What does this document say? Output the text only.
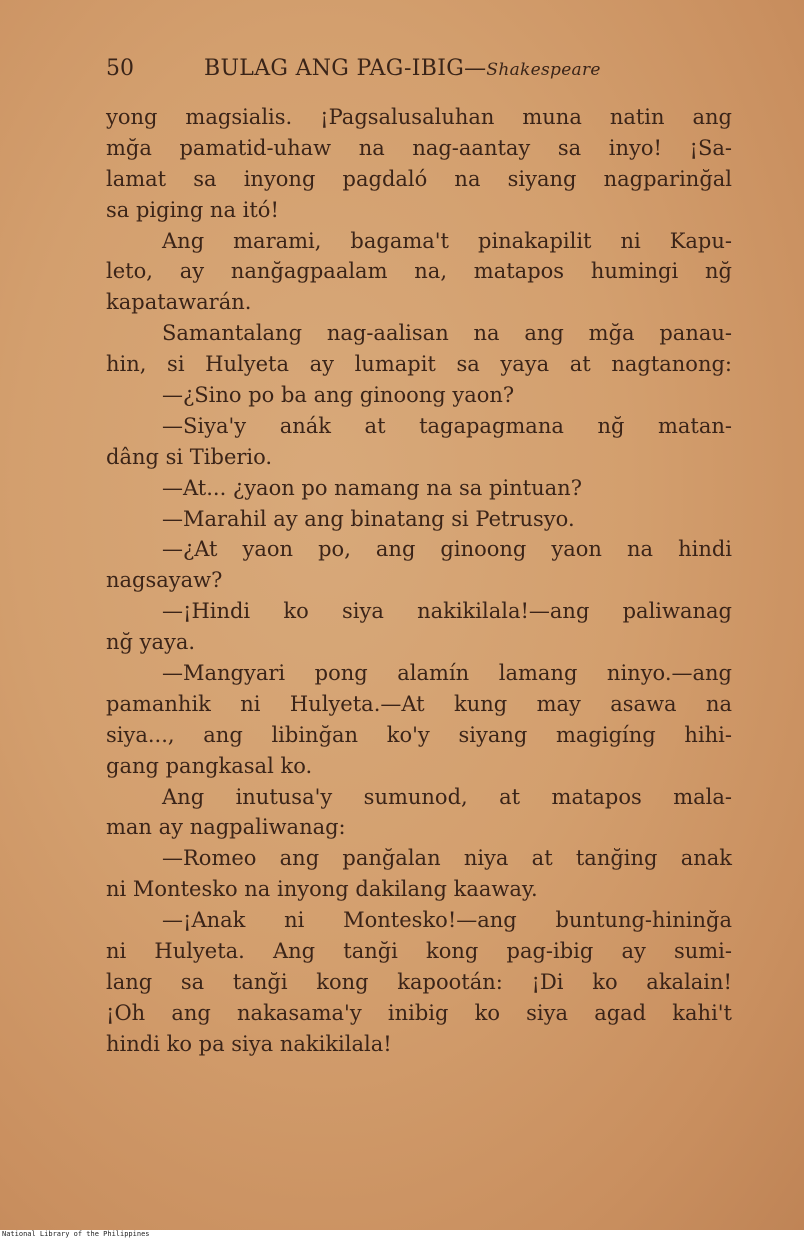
50	BULAG ANG PAG-IBIG—Shakespeare
yong magsialis. ¡Pagsalusaluhan muna natin ang
mğa pamatid-uhaw na nag-aantay sa inyo! ¡Sa-
lamat sa inyong pagdaló na siyang nagparinğal
sa piging na itó!
Ang marami, bagama't pinakapilit ni Kapu-
leto, ay nanğagpaalam na, matapos humingi nğ
kapatawarán.
Samantalang nag-aalisan na ang mğa panau-
hin, si Hulyeta ay lumapit sa yaya at nagtanong:
—¿Sino po ba ang ginoong yaon?
—Siya'y anák at tagapagmana nğ matan-
dâng si Tiberio.
—At... ¿yaon po namang na sa pintuan?
—Marahil ay ang binatang si Petrusyo.
—¿At yaon po, ang ginoong yaon na hindi
nagsayaw?
—¡Hindi ko siya nakikilala!—ang paliwanag
nğ yaya.
—Mangyari pong alamín lamang ninyo.—ang
pamanhik ni Hulyeta.—At kung may asawa na
siya..., ang libinğan ko'y siyang magigíng hihi-
gang pangkasal ko.
Ang inutusa'y sumunod, at matapos mala-
man ay nagpaliwanag:
—Romeo ang panğalan niya at tanğing anak
ni Montesko na inyong dakilang kaaway.
—¡Anak ni Montesko!—ang buntung-hininğa
ni Hulyeta. Ang tanği kong pag-ibig ay sumi-
lang sa tanği kong kapootán: ¡Di ko akalain!
¡Oh ang nakasama'y inibig ko siya agad kahi't
hindi ko pa siya nakikilala!
National Library of the Philippines
